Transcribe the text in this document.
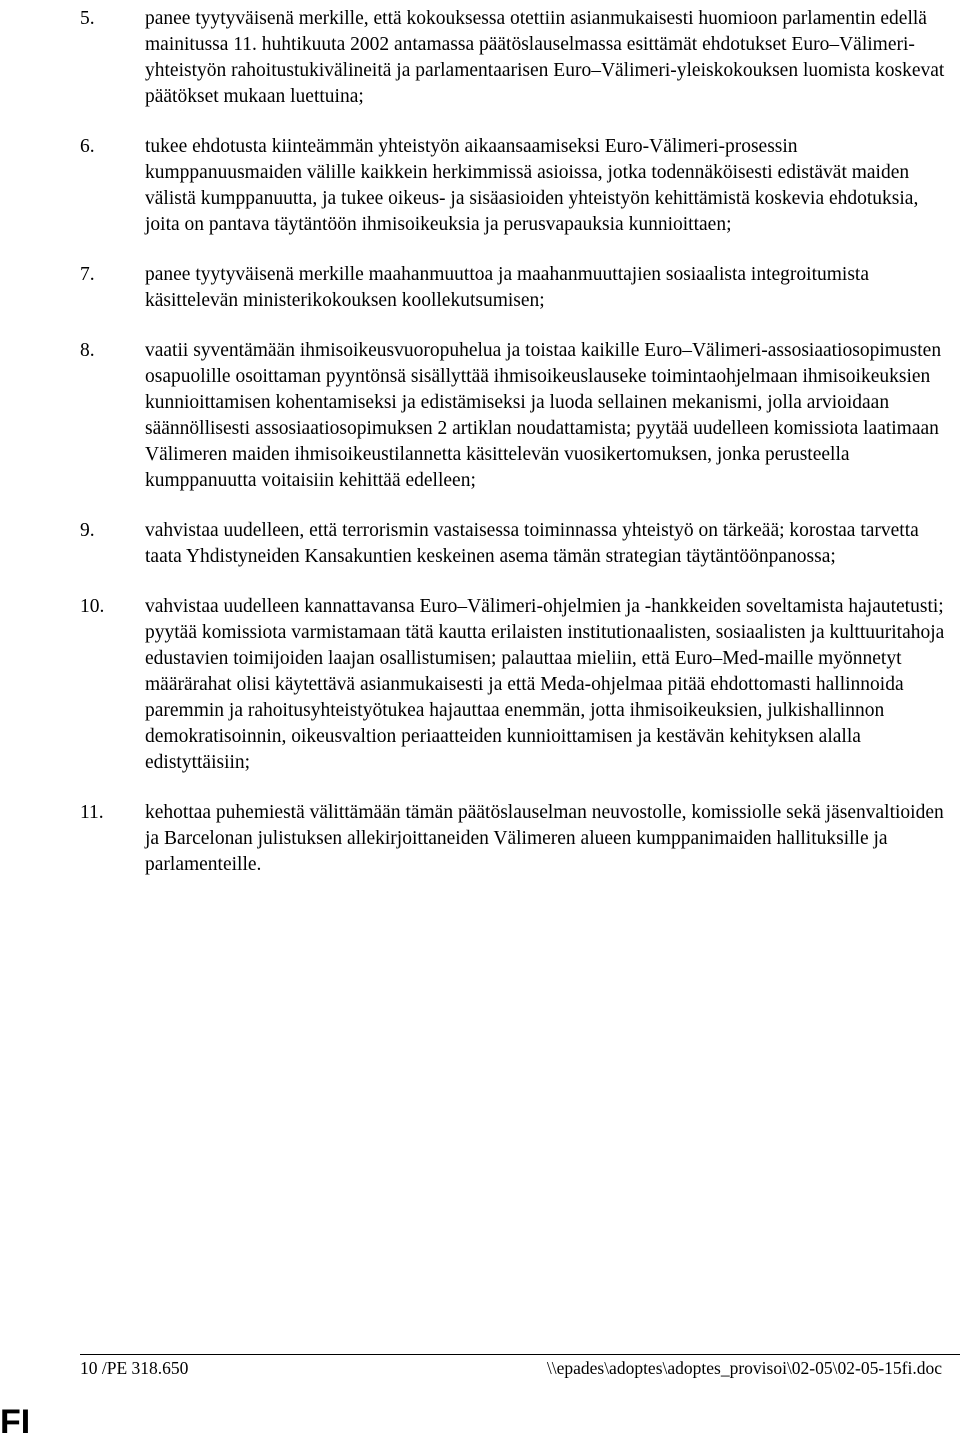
5.	panee tyytyväisenä merkille, että kokouksessa otettiin asianmukaisesti huomioon parlamentin edellä mainitussa 11. huhtikuuta 2002 antamassa päätöslauselmassa esittämät ehdotukset Euro–Välimeri-yhteistyön rahoitustukivälineitä ja parlamentaarisen Euro–Välimeri-yleiskokouksen luomista koskevat päätökset mukaan luettuina;
6.	tukee ehdotusta kiinteämmän yhteistyön aikaansaamiseksi Euro-Välimeri-prosessin kumppanuusmaiden välille kaikkein herkimmissä asioissa, jotka todennäköisesti edistävät maiden välistä kumppanuutta, ja tukee oikeus- ja sisäasioiden yhteistyön kehittämistä koskevia ehdotuksia, joita on pantava täytäntöön ihmisoikeuksia ja perusvapauksia kunnioittaen;
7.	panee tyytyväisenä merkille maahanmuuttoa ja maahanmuuttajien sosiaalista integroitumista käsittelevän ministerikokouksen koollekutsumisen;
8.	vaatii syventämään ihmisoikeusvuoropuhelua ja toistaa kaikille Euro–Välimeri-assosiaatiosopimusten osapuolille osoittaman pyyntönsä sisällyttää ihmisoikeuslauseke toimintaohjelmaan ihmisoikeuksien kunnioittamisen kohentamiseksi ja edistämiseksi ja luoda sellainen mekanismi, jolla arvioidaan säännöllisesti assosiaatiosopimuksen 2 artiklan noudattamista; pyytää uudelleen komissiota laatimaan Välimeren maiden ihmisoikeustilannetta käsittelevän vuosikertomuksen, jonka perusteella kumppanuutta voitaisiin kehittää edelleen;
9.	vahvistaa uudelleen, että terrorismin vastaisessa toiminnassa yhteistyö on tärkeää; korostaa tarvetta taata Yhdistyneiden Kansakuntien keskeinen asema tämän strategian täytäntöönpanossa;
10. vahvistaa uudelleen kannattavansa Euro–Välimeri-ohjelmien ja -hankkeiden soveltamista hajautetusti; pyytää komissiota varmistamaan tätä kautta erilaisten institutionaalisten, sosiaalisten ja kulttuuritahoja edustavien toimijoiden laajan osallistumisen; palauttaa mieliin, että Euro–Med-maille myönnetyt määrärahat olisi käytettävä asianmukaisesti ja että Meda-ohjelmaa pitää ehdottomasti hallinnoida paremmin ja rahoitusyhteistyötukea hajauttaa enemmän, jotta ihmisoikeuksien, julkishallinnon demokratisoinnin, oikeusvaltion periaatteiden kunnioittamisen ja kestävän kehityksen alalla edistyttäisiin;
11. kehottaa puhemiestä välittämään tämän päätöslauselman neuvostolle, komissiolle sekä jäsenvaltioiden ja Barcelonan julistuksen allekirjoittaneiden Välimeren alueen kumppanimaiden hallituksille ja parlamenteille.
10 /PE 318.650	\\epades\adoptes\adoptes_provisoi\02-05\02-05-15fi.doc
FI
